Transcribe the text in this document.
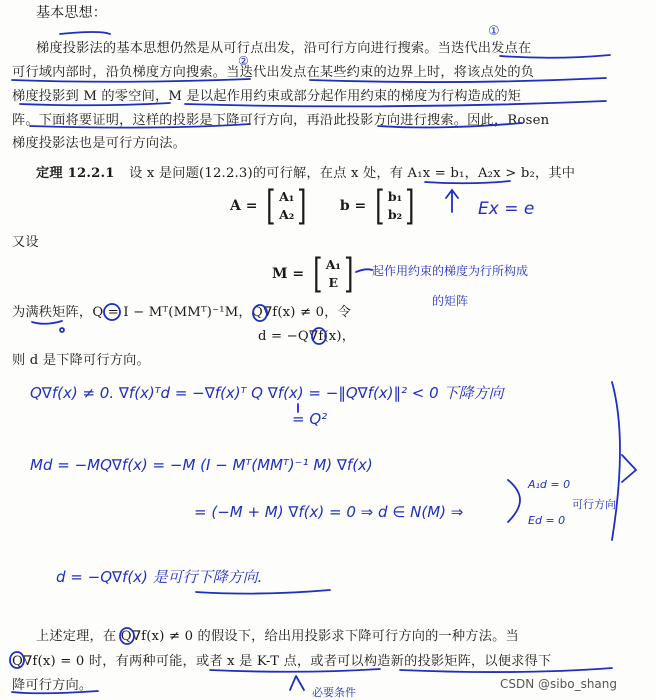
基本思想：
梯度投影法的基本思想仍然是从可行点出发，沿可行方向进行搜索。当迭代出发点在
可行域内部时，沿负梯度方向搜索。当迭代出发点在某些约束的边界上时，将该点处的负
梯度投影到 M 的零空间，M 是以起作用约束或部分起作用约束的梯度为行构造成的矩
阵。下面将要证明，这样的投影是下降可行方向，再沿此投影方向进行搜索。因此，Rosen
梯度投影法也是可行方向法。
定理 12.2.1 设 x 是问题(12.2.3)的可行解，在点 x 处，有 A₁x = b₁，A₂x > b₂，其中
A = [ A₁
A₂ ] b = [ b₁
b₂ ]
又设
M = [ A₁
E ]
为满秩矩阵，Q = I − Mᵀ(MMᵀ)⁻¹M，Q∇f(x) ≠ 0，令
d = −Q∇f(x)，
则 d 是下降可行方向。
①
②
Ex = e
起作用约束的梯度为行所构成
的矩阵
Q∇f(x) ≠ 0. ∇f(x)ᵀd = −∇f(x)ᵀ Q ∇f(x) = −‖Q∇f(x)‖² < 0 下降方向
= Q²
Md = −MQ∇f(x) = −M (I − Mᵀ(MMᵀ)⁻¹ M) ∇f(x)
= (−M + M) ∇f(x) = 0 ⇒ d ∈ N(M) ⇒
A₁d = 0
Ed = 0
可行方向
d = −Q∇f(x) 是可行下降方向.
上述定理，在 Q∇f(x) ≠ 0 的假设下，给出用投影求下降可行方向的一种方法。当
Q∇f(x) = 0 时，有两种可能，或者 x 是 K-T 点，或者可以构造新的投影矩阵，以便求得下
降可行方向。	必要条件
CSDN @sibo_shang
